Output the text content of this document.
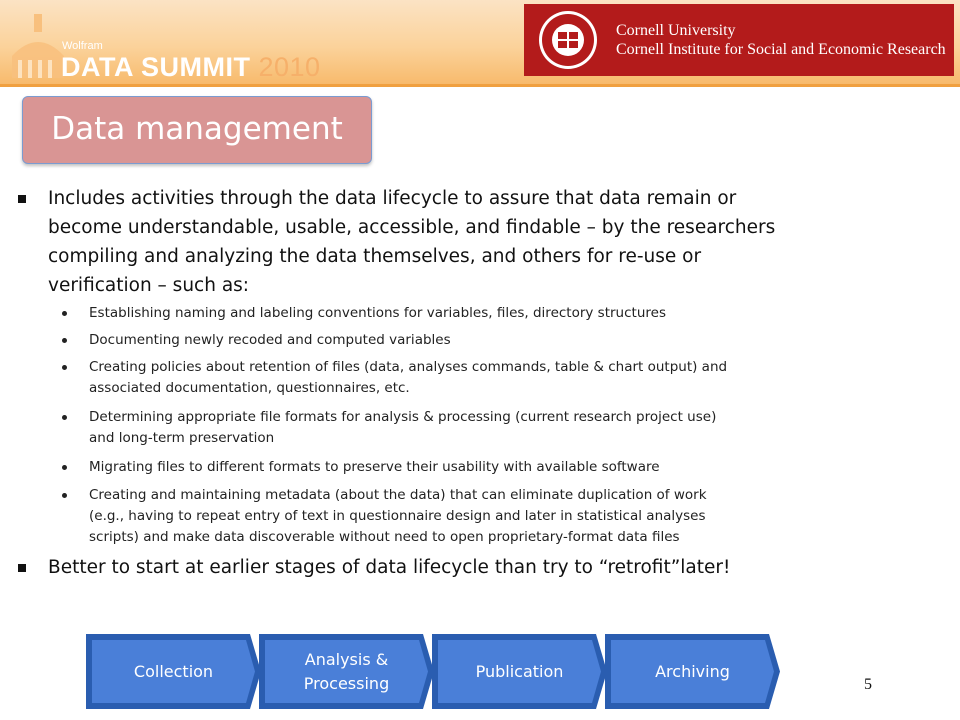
Wolfram
DATA SUMMIT 2010
Cornell University
Cornell Institute for Social and Economic Research
Data management
Includes activities through the data lifecycle to assure that data remain or
become understandable, usable, accessible, and findable – by the researchers
compiling and analyzing the data themselves, and others for re-use or
verification – such as:
Establishing naming and labeling conventions for variables, files, directory structures
Documenting newly recoded and computed variables
Creating policies about retention of files (data, analyses commands, table & chart output) and
associated documentation, questionnaires, etc.
Determining appropriate file formats for analysis & processing (current research project use)
and long-term preservation
Migrating files to different formats to preserve their usability with available software
Creating and maintaining metadata (about the data) that can eliminate duplication of work
(e.g., having to repeat entry of text in questionnaire design and later in statistical analyses
scripts) and make data discoverable without need to open proprietary-format data files
Better to start at earlier stages of data lifecycle than try to “retrofit”later!
Collection
Analysis &
Processing
Publication	Archiving
5
